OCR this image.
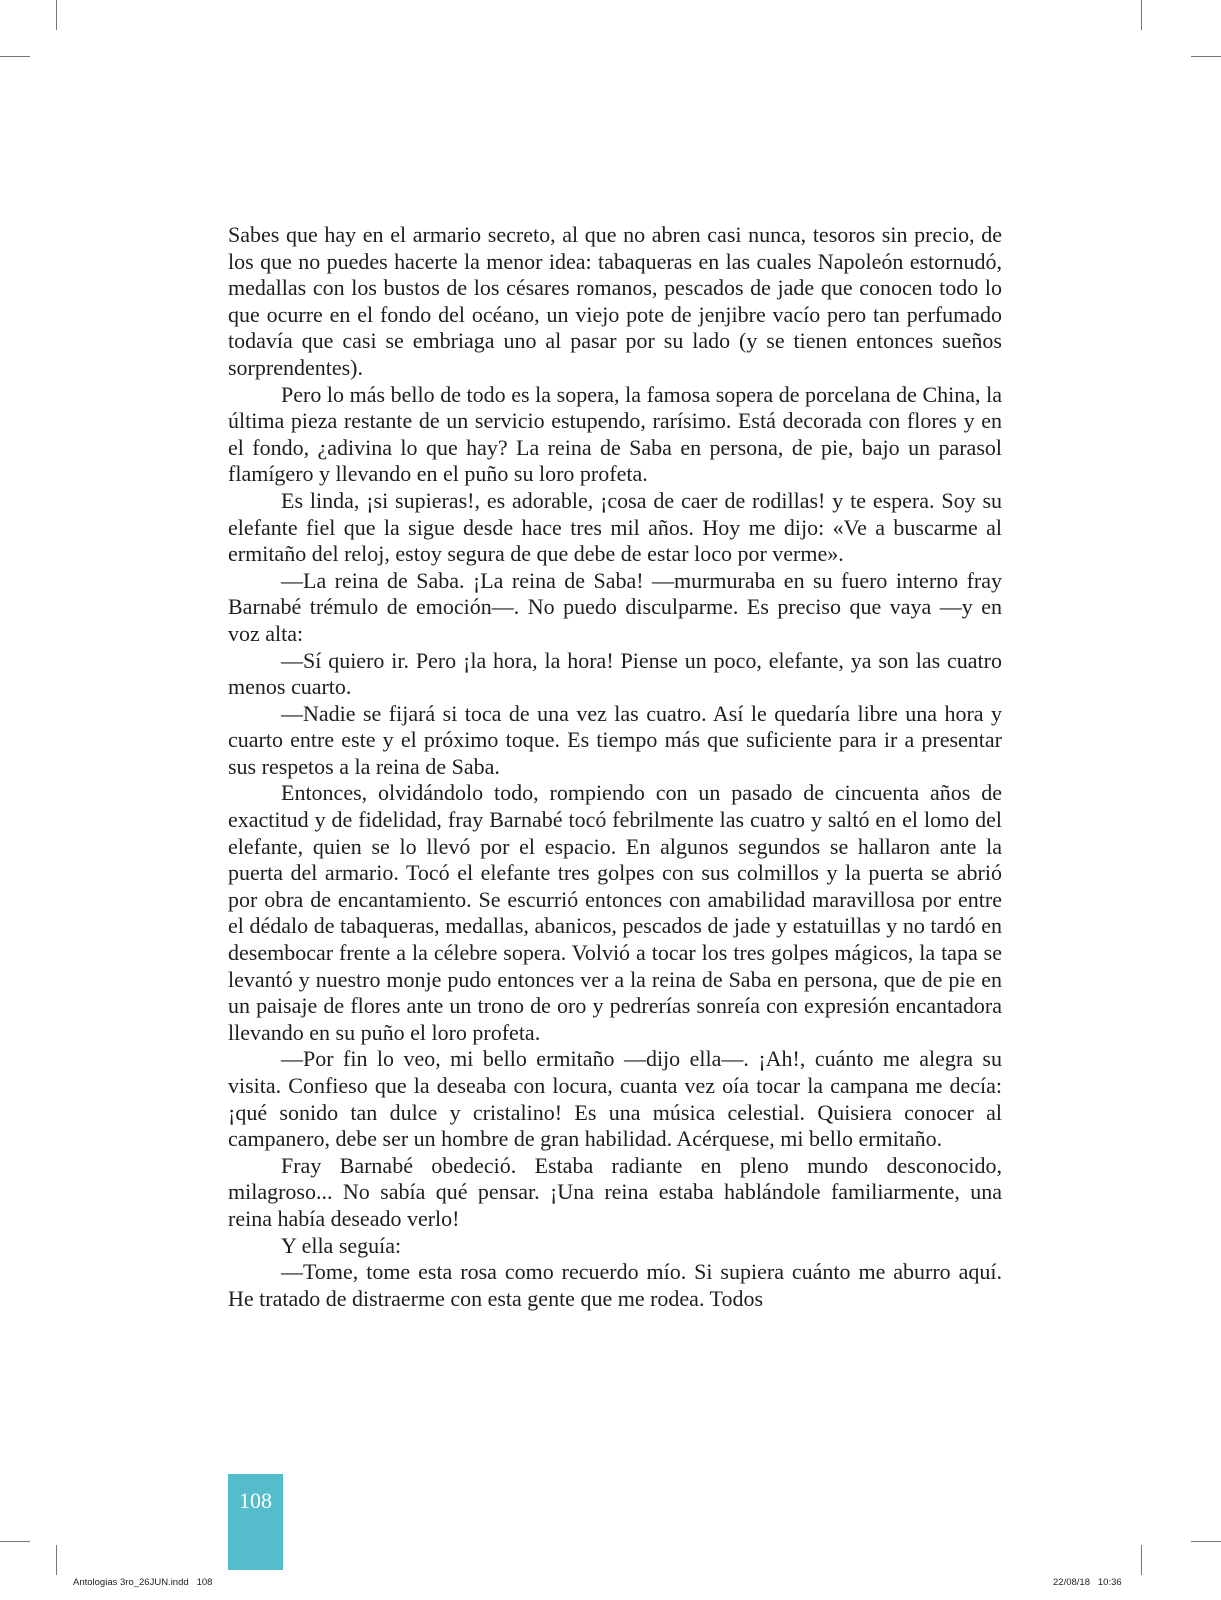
Sabes que hay en el armario secreto, al que no abren casi nunca, tesoros sin precio, de los que no puedes hacerte la menor idea: tabaqueras en las cuales Napoleón estornudó, medallas con los bustos de los césares romanos, pescados de jade que conocen todo lo que ocurre en el fondo del océano, un viejo pote de jenjibre vacío pero tan perfumado todavía que casi se embriaga uno al pasar por su lado (y se tienen entonces sueños sorprendentes).

Pero lo más bello de todo es la sopera, la famosa sopera de porcelana de China, la última pieza restante de un servicio estupendo, rarísimo. Está decorada con flores y en el fondo, ¿adivina lo que hay? La reina de Saba en persona, de pie, bajo un parasol flamígero y llevando en el puño su loro profeta.

Es linda, ¡si supieras!, es adorable, ¡cosa de caer de rodillas! y te espera. Soy su elefante fiel que la sigue desde hace tres mil años. Hoy me dijo: «Ve a buscarme al ermitaño del reloj, estoy segura de que debe de estar loco por verme».

—La reina de Saba. ¡La reina de Saba! —murmuraba en su fuero interno fray Barnabé trémulo de emoción—. No puedo disculparme. Es preciso que vaya —y en voz alta:

—Sí quiero ir. Pero ¡la hora, la hora! Piense un poco, elefante, ya son las cuatro menos cuarto.

—Nadie se fijará si toca de una vez las cuatro. Así le quedaría libre una hora y cuarto entre este y el próximo toque. Es tiempo más que suficiente para ir a presentar sus respetos a la reina de Saba.

Entonces, olvidándolo todo, rompiendo con un pasado de cincuenta años de exactitud y de fidelidad, fray Barnabé tocó febrilmente las cuatro y saltó en el lomo del elefante, quien se lo llevó por el espacio. En algunos segundos se hallaron ante la puerta del armario. Tocó el elefante tres golpes con sus colmillos y la puerta se abrió por obra de encantamiento. Se escurrió entonces con amabilidad maravillosa por entre el dédalo de tabaqueras, medallas, abanicos, pescados de jade y estatuillas y no tardó en desembocar frente a la célebre sopera. Volvió a tocar los tres golpes mágicos, la tapa se levantó y nuestro monje pudo entonces ver a la reina de Saba en persona, que de pie en un paisaje de flores ante un trono de oro y pedrerías sonreía con expresión encantadora llevando en su puño el loro profeta.

—Por fin lo veo, mi bello ermitaño —dijo ella—. ¡Ah!, cuánto me alegra su visita. Confieso que la deseaba con locura, cuanta vez oía tocar la campana me decía: ¡qué sonido tan dulce y cristalino! Es una música celestial. Quisiera conocer al campanero, debe ser un hombre de gran habilidad. Acérquese, mi bello ermitaño.

Fray Barnabé obedeció. Estaba radiante en pleno mundo desconocido, milagroso... No sabía qué pensar. ¡Una reina estaba hablándole familiarmente, una reina había deseado verlo!

Y ella seguía:

—Tome, tome esta rosa como recuerdo mío. Si supiera cuánto me aburro aquí. He tratado de distraerme con esta gente que me rodea. Todos

108
Antologias 3ro_26JUN.indd   108	22/08/18   10:36
